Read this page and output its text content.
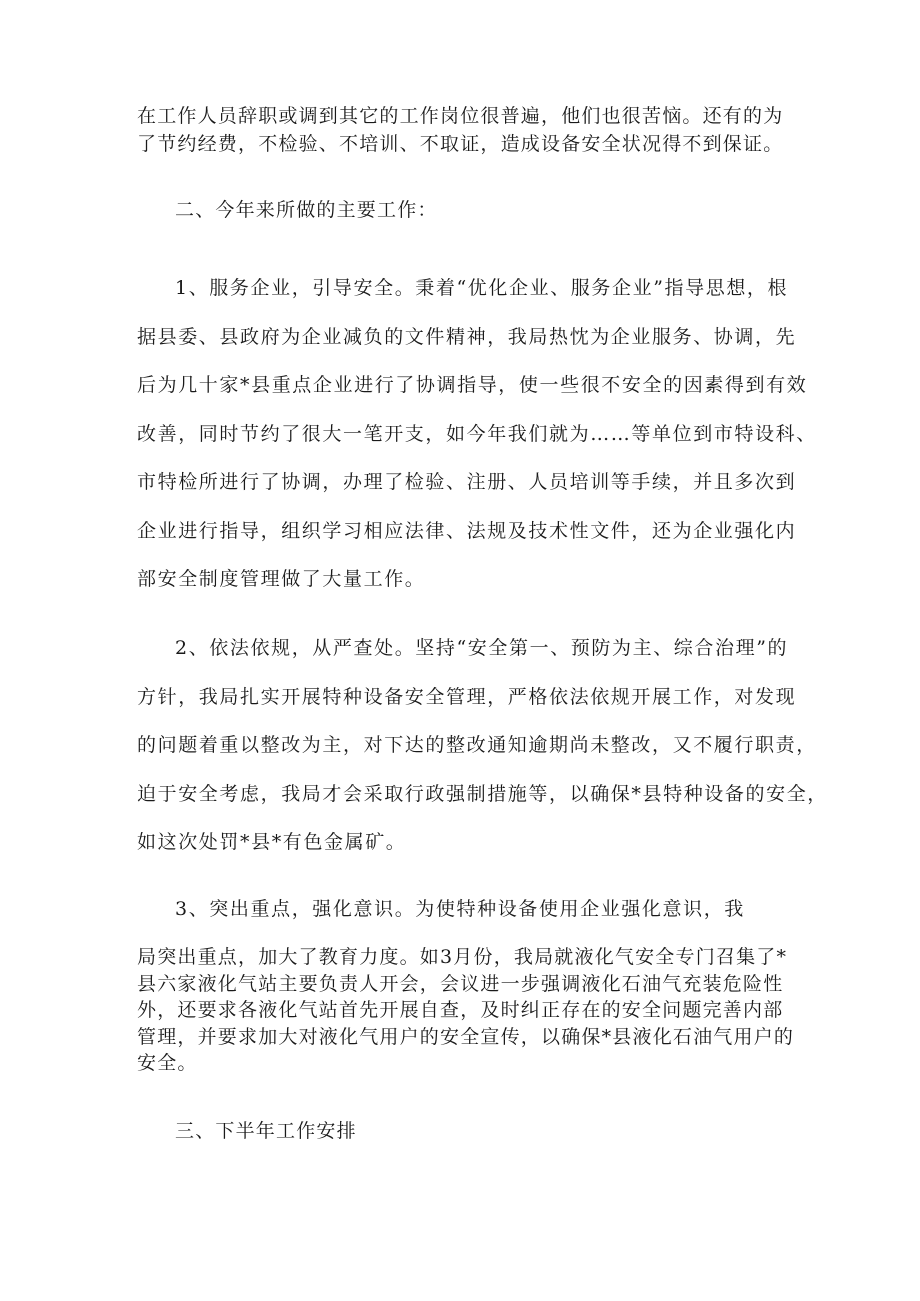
在工作人员辞职或调到其它的工作岗位很普遍，他们也很苦恼。还有的为
了节约经费，不检验、不培训、不取证，造成设备安全状况得不到保证。
二、今年来所做的主要工作：
1、服务企业，引导安全。秉着“优化企业、服务企业”指导思想，根
据县委、县政府为企业减负的文件精神，我局热忱为企业服务、协调，先
后为几十家*县重点企业进行了协调指导，使一些很不安全的因素得到有效
改善，同时节约了很大一笔开支，如今年我们就为……等单位到市特设科、
市特检所进行了协调，办理了检验、注册、人员培训等手续，并且多次到
企业进行指导，组织学习相应法律、法规及技术性文件，还为企业强化内
部安全制度管理做了大量工作。
2、依法依规，从严查处。坚持“安全第一、预防为主、综合治理”的
方针，我局扎实开展特种设备安全管理，严格依法依规开展工作，对发现
的问题着重以整改为主，对下达的整改通知逾期尚未整改，又不履行职责，
迫于安全考虑，我局才会采取行政强制措施等，以确保*县特种设备的安全，
如这次处罚*县*有色金属矿。
3、突出重点，强化意识。为使特种设备使用企业强化意识，我
局突出重点，加大了教育力度。如3月份，我局就液化气安全专门召集了*
县六家液化气站主要负责人开会，会议进一步强调液化石油气充装危险性
外，还要求各液化气站首先开展自查，及时纠正存在的安全问题完善内部
管理，并要求加大对液化气用户的安全宣传，以确保*县液化石油气用户的
安全。
三、下半年工作安排
